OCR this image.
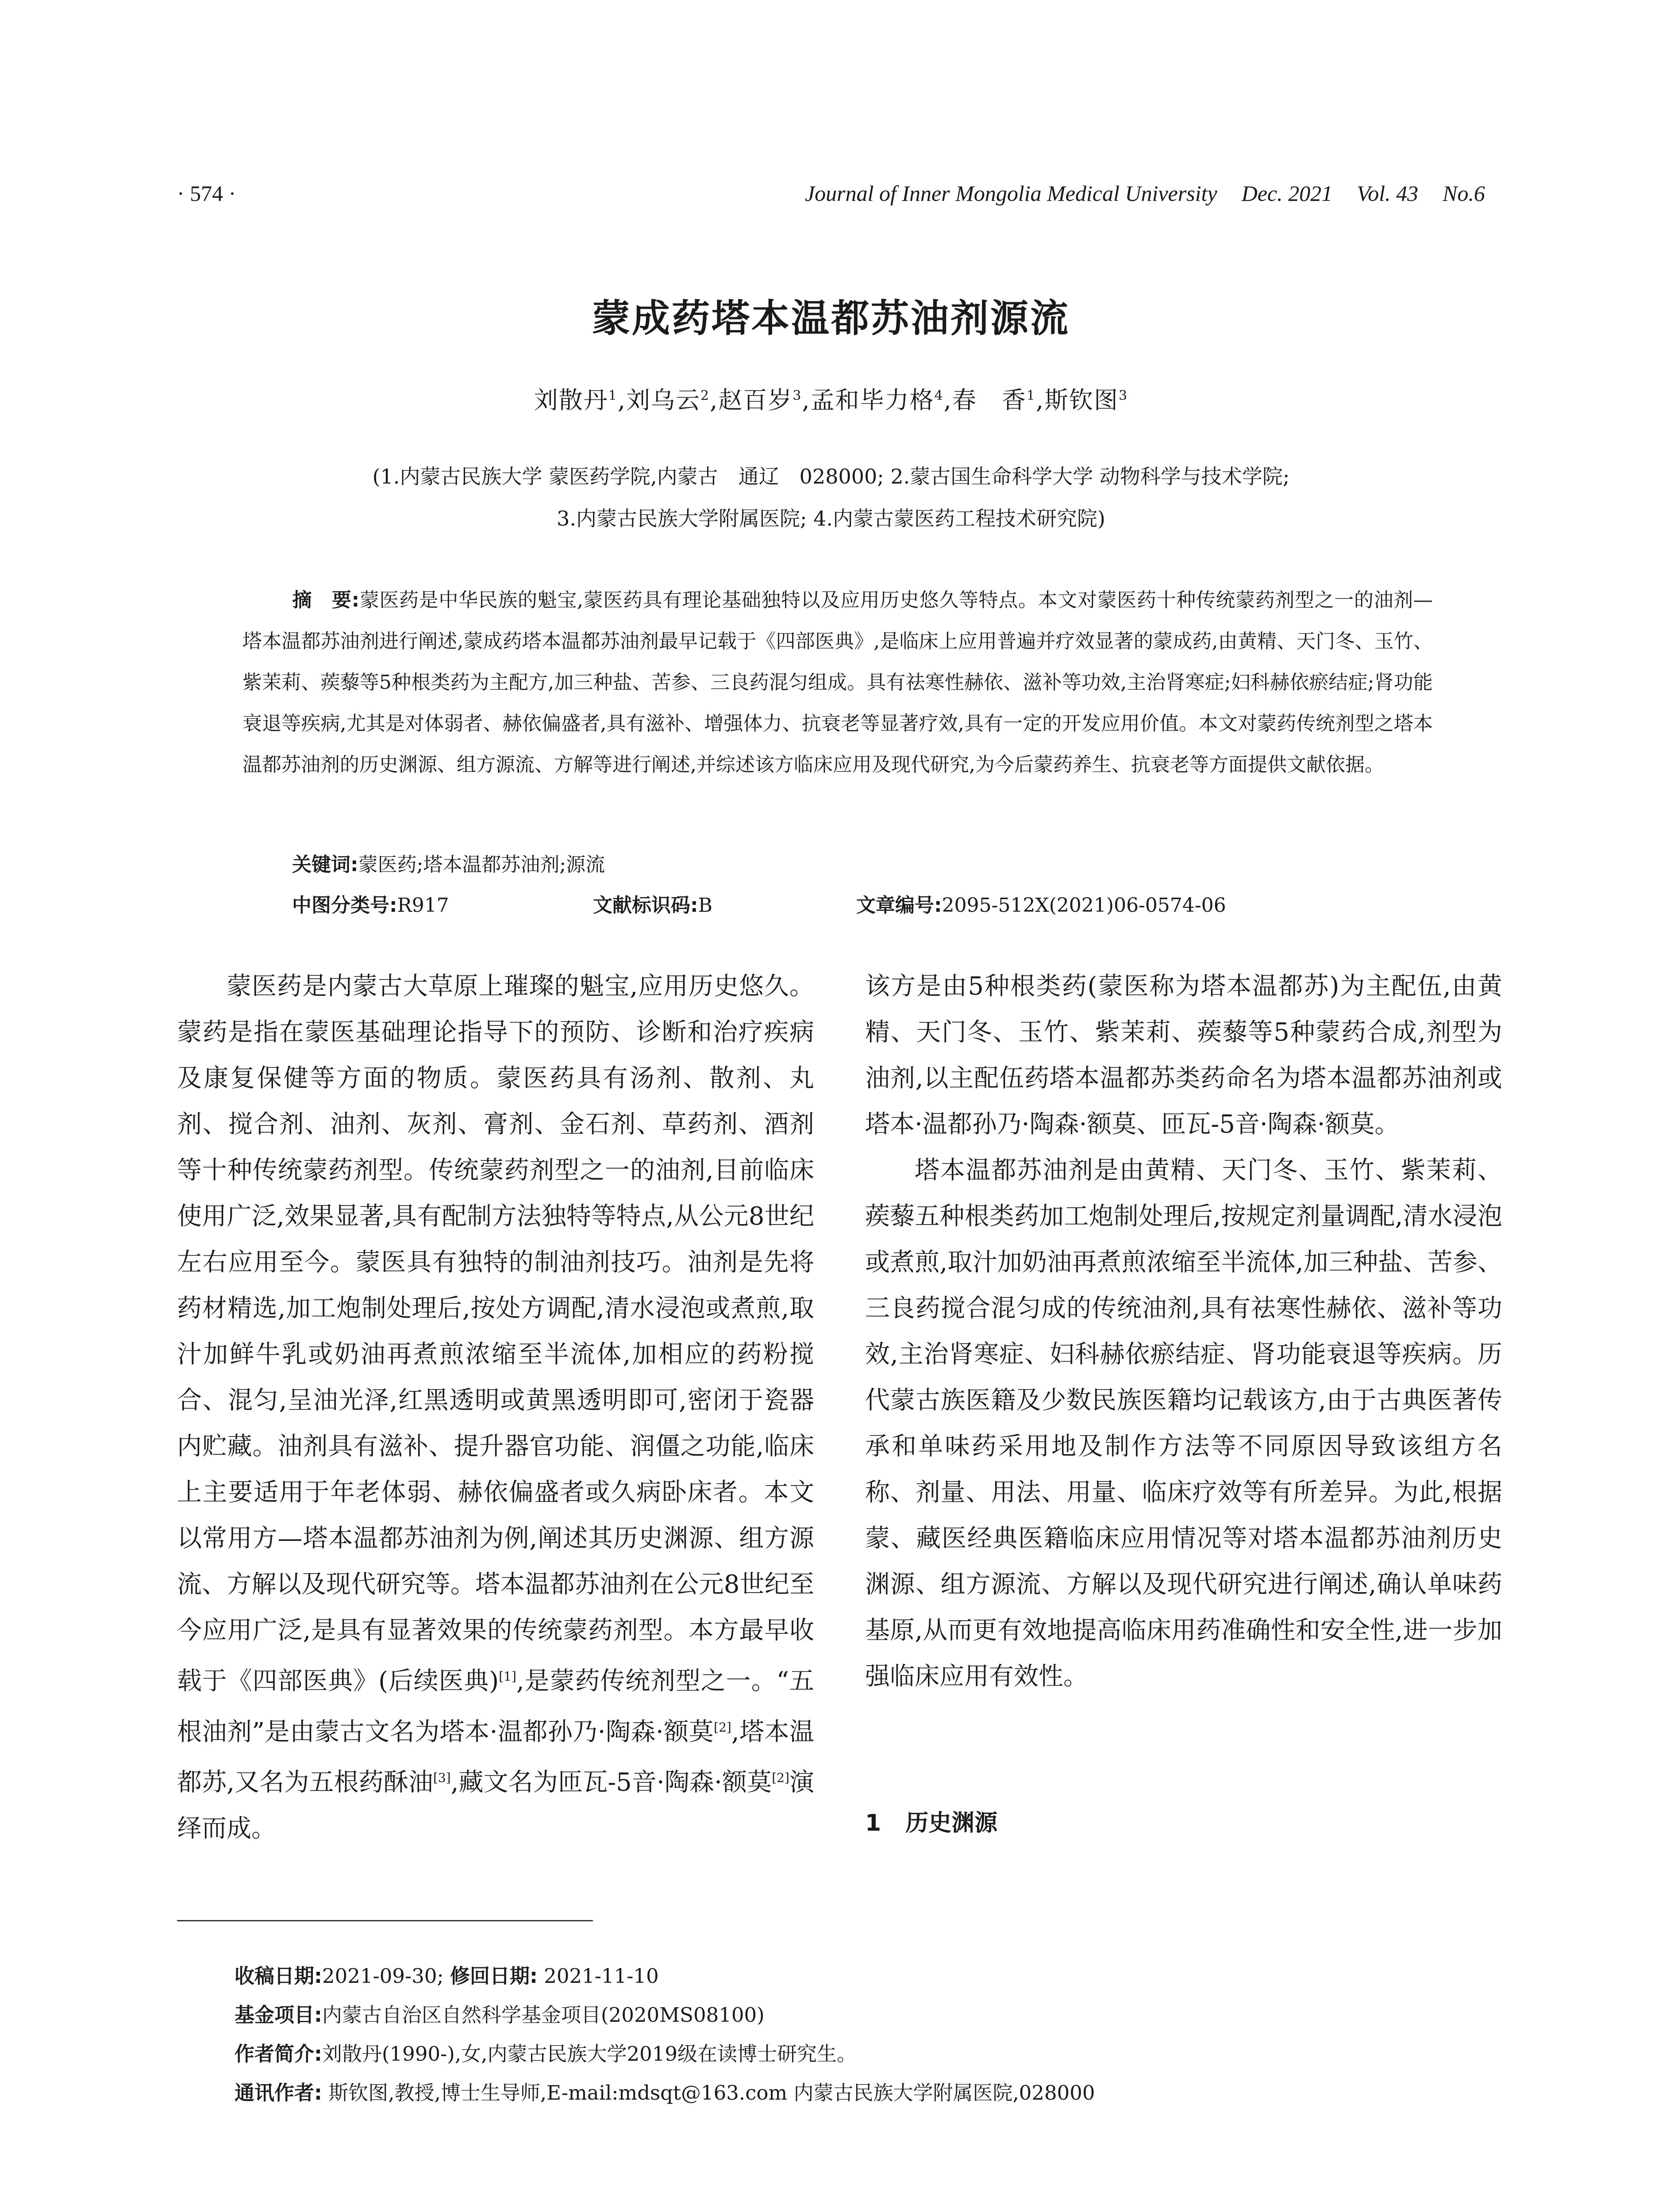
· 574 ·	Journal of Inner Mongolia Medical University Dec. 2021 Vol. 43 No.6
蒙成药塔本温都苏油剂源流
刘散丹$^1$,刘乌云$^2$,赵百岁$^3$,孟和毕力格$^4$,春　香$^1$,斯钦图$^3$
(1.内蒙古民族大学 蒙医药学院,内蒙古　通辽　028000; 2.蒙古国生命科学大学 动物科学与技术学院;
3.内蒙古民族大学附属医院; 4.内蒙古蒙医药工程技术研究院)
摘　要:蒙医药是中华民族的魁宝,蒙医药具有理论基础独特以及应用历史悠久等特点。本文对蒙医药十种传统蒙药剂型之一的油剂—塔本温都苏油剂进行阐述,蒙成药塔本温都苏油剂最早记载于《四部医典》,是临床上应用普遍并疗效显著的蒙成药,由黄精、天门冬、玉竹、紫茉莉、蒺藜等5种根类药为主配方,加三种盐、苦参、三良药混匀组成。具有祛寒性赫依、滋补等功效,主治肾寒症;妇科赫依瘀结症;肾功能衰退等疾病,尤其是对体弱者、赫依偏盛者,具有滋补、增强体力、抗衰老等显著疗效,具有一定的开发应用价值。本文对蒙药传统剂型之塔本温都苏油剂的历史渊源、组方源流、方解等进行阐述,并综述该方临床应用及现代研究,为今后蒙药养生、抗衰老等方面提供文献依据。
关键词:蒙医药;塔本温都苏油剂;源流
中图分类号:R917	文献标识码:B	文章编号:2095-512X(2021)06-0574-06

蒙医药是内蒙古大草原上璀璨的魁宝,应用历史悠久。蒙药是指在蒙医基础理论指导下的预防、诊断和治疗疾病及康复保健等方面的物质。蒙医药具有汤剂、散剂、丸剂、搅合剂、油剂、灰剂、膏剂、金石剂、草药剂、酒剂等十种传统蒙药剂型。传统蒙药剂型之一的油剂,目前临床使用广泛,效果显著,具有配制方法独特等特点,从公元8世纪左右应用至今。蒙医具有独特的制油剂技巧。油剂是先将药材精选,加工炮制处理后,按处方调配,清水浸泡或煮煎,取汁加鲜牛乳或奶油再煮煎浓缩至半流体,加相应的药粉搅合、混匀,呈油光泽,红黑透明或黄黑透明即可,密闭于瓷器内贮藏。油剂具有滋补、提升器官功能、润僵之功能,临床上主要适用于年老体弱、赫依偏盛者或久病卧床者。本文以常用方—塔本温都苏油剂为例,阐述其历史渊源、组方源流、方解以及现代研究等。塔本温都苏油剂在公元8世纪至今应用广泛,是具有显著效果的传统蒙药剂型。本方最早收载于《四部医典》(后续医典)[1],是蒙药传统剂型之一。“五根油剂”是由蒙古文名为塔本·温都孙乃·陶森·额莫[2],塔本温都苏,又名为五根药酥油[3],藏文名为匝瓦-5音·陶森·额莫[2]演绎而成。

该方是由5种根类药(蒙医称为塔本温都苏)为主配伍,由黄精、天门冬、玉竹、紫茉莉、蒺藜等5种蒙药合成,剂型为油剂,以主配伍药塔本温都苏类药命名为塔本温都苏油剂或塔本·温都孙乃·陶森·额莫、匝瓦-5音·陶森·额莫。

塔本温都苏油剂是由黄精、天门冬、玉竹、紫茉莉、蒺藜五种根类药加工炮制处理后,按规定剂量调配,清水浸泡或煮煎,取汁加奶油再煮煎浓缩至半流体,加三种盐、苦参、三良药搅合混匀成的传统油剂,具有祛寒性赫依、滋补等功效,主治肾寒症、妇科赫依瘀结症、肾功能衰退等疾病。历代蒙古族医籍及少数民族医籍均记载该方,由于古典医著传承和单味药采用地及制作方法等不同原因导致该组方名称、剂量、用法、用量、临床疗效等有所差异。为此,根据蒙、藏医经典医籍临床应用情况等对塔本温都苏油剂历史渊源、组方源流、方解以及现代研究进行阐述,确认单味药基原,从而更有效地提高临床用药准确性和安全性,进一步加强临床应用有效性。

1 历史渊源
收稿日期:2021-09-30; 修回日期: 2021-11-10
基金项目:内蒙古自治区自然科学基金项目(2020MS08100)
作者简介:刘散丹(1990-),女,内蒙古民族大学2019级在读博士研究生。
通讯作者: 斯钦图,教授,博士生导师,E-mail:mdsqt@163.com 内蒙古民族大学附属医院,028000
